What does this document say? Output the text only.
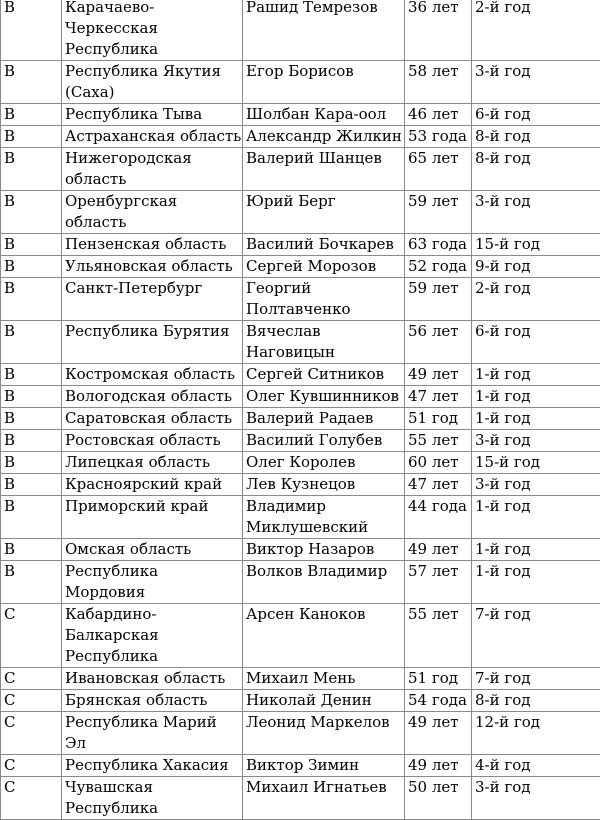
B	Карачаево-Черкесская Республика	Рашид Темрезов	36 лет	2-й год
B	Республика Якутия (Саха)	Егор Борисов	58 лет	3-й год
B	Республика Тыва	Шолбан Кара-оол	46 лет	6-й год
B	Астраханская область	Александр Жилкин	53 года	8-й год
B	Нижегородская область	Валерий Шанцев	65 лет	8-й год
B	Оренбургская область	Юрий Берг	59 лет	3-й год
B	Пензенская область	Василий Бочкарев	63 года	15-й год
B	Ульяновская область	Сергей Морозов	52 года	9-й год
B	Санкт-Петербург	Георгий Полтавченко	59 лет	2-й год
B	Республика Бурятия	Вячеслав Наговицын	56 лет	6-й год
B	Костромская область	Сергей Ситников	49 лет	1-й год
B	Вологодская область	Олег Кувшинников	47 лет	1-й год
B	Саратовская область	Валерий Радаев	51 год	1-й год
B	Ростовская область	Василий Голубев	55 лет	3-й год
B	Липецкая область	Олег Королев	60 лет	15-й год
B	Красноярский край	Лев Кузнецов	47 лет	3-й год
B	Приморский край	Владимир Миклушевский	44 года	1-й год
B	Омская область	Виктор Назаров	49 лет	1-й год
B	Республика Мордовия	Волков Владимир	57 лет	1-й год
C	Кабардино-Балкарская Республика	Арсен Каноков	55 лет	7-й год
C	Ивановская область	Михаил Мень	51 год	7-й год
C	Брянская область	Николай Денин	54 года	8-й год
C	Республика Марий Эл	Леонид Маркелов	49 лет	12-й год
C	Республика Хакасия	Виктор Зимин	49 лет	4-й год
C	Чувашская Республика	Михаил Игнатьев	50 лет	3-й год
